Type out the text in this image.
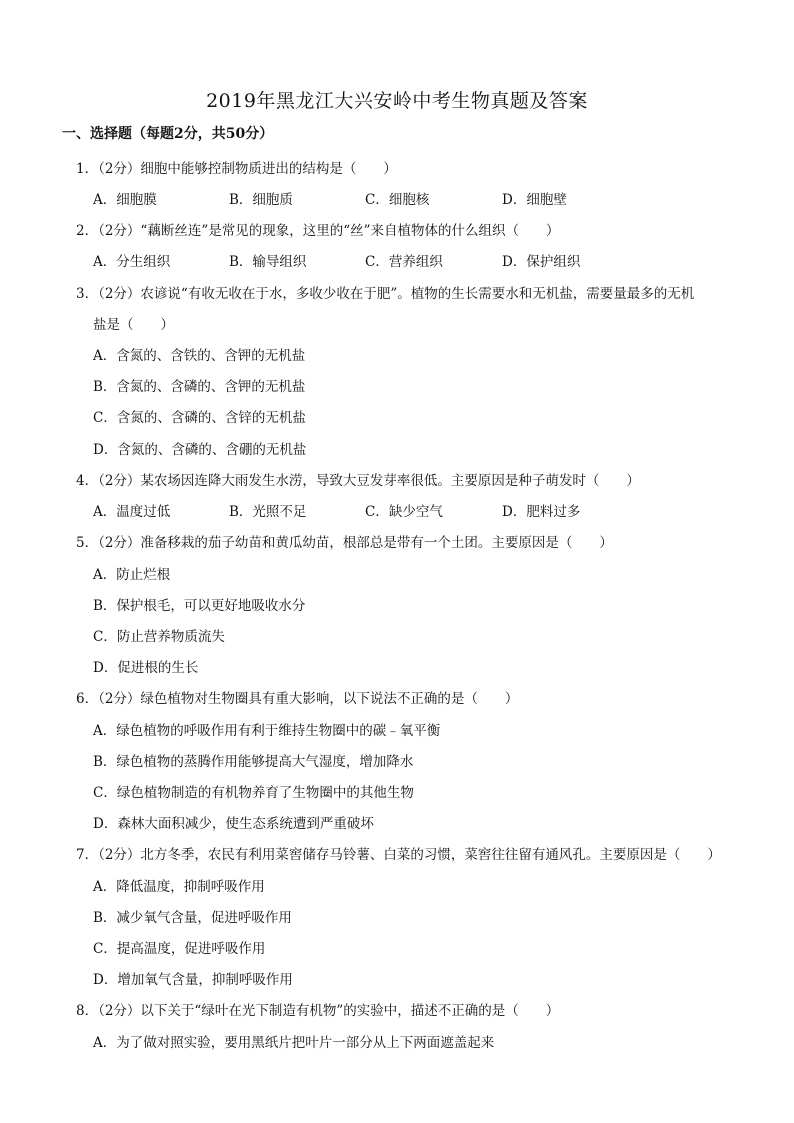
2019年黑龙江大兴安岭中考生物真题及答案
一、选择题（每题2分，共50分）
1．（2分）细胞中能够控制物质进出的结构是（　　）
A．细胞膜	B．细胞质	C．细胞核	D．细胞壁
2．（2分）“藕断丝连”是常见的现象，这里的“丝”来自植物体的什么组织（　　）
A．分生组织	B．输导组织	C．营养组织	D．保护组织
3．（2分）农谚说“有收无收在于水，多收少收在于肥”。植物的生长需要水和无机盐，需要量最多的无机
盐是（　　）
A．含氮的、含铁的、含钾的无机盐
B．含氮的、含磷的、含钾的无机盐
C．含氮的、含磷的、含锌的无机盐
D．含氮的、含磷的、含硼的无机盐
4．（2分）某农场因连降大雨发生水涝，导致大豆发芽率很低。主要原因是种子萌发时（　　）
A．温度过低	B．光照不足	C．缺少空气	D．肥料过多
5．（2分）准备移栽的茄子幼苗和黄瓜幼苗，根部总是带有一个土团。主要原因是（　　）
A．防止烂根
B．保护根毛，可以更好地吸收水分
C．防止营养物质流失
D．促进根的生长
6．（2分）绿色植物对生物圈具有重大影响，以下说法不正确的是（　　）
A．绿色植物的呼吸作用有利于维持生物圈中的碳﹣氧平衡
B．绿色植物的蒸腾作用能够提高大气湿度，增加降水
C．绿色植物制造的有机物养育了生物圈中的其他生物
D．森林大面积减少，使生态系统遭到严重破坏
7．（2分）北方冬季，农民有利用菜窖储存马铃薯、白菜的习惯，菜窖往往留有通风孔。主要原因是（　　）
A．降低温度，抑制呼吸作用
B．减少氧气含量，促进呼吸作用
C．提高温度，促进呼吸作用
D．增加氧气含量，抑制呼吸作用
8．（2分）以下关于“绿叶在光下制造有机物”的实验中，描述不正确的是（　　）
A．为了做对照实验，要用黑纸片把叶片一部分从上下两面遮盖起来
